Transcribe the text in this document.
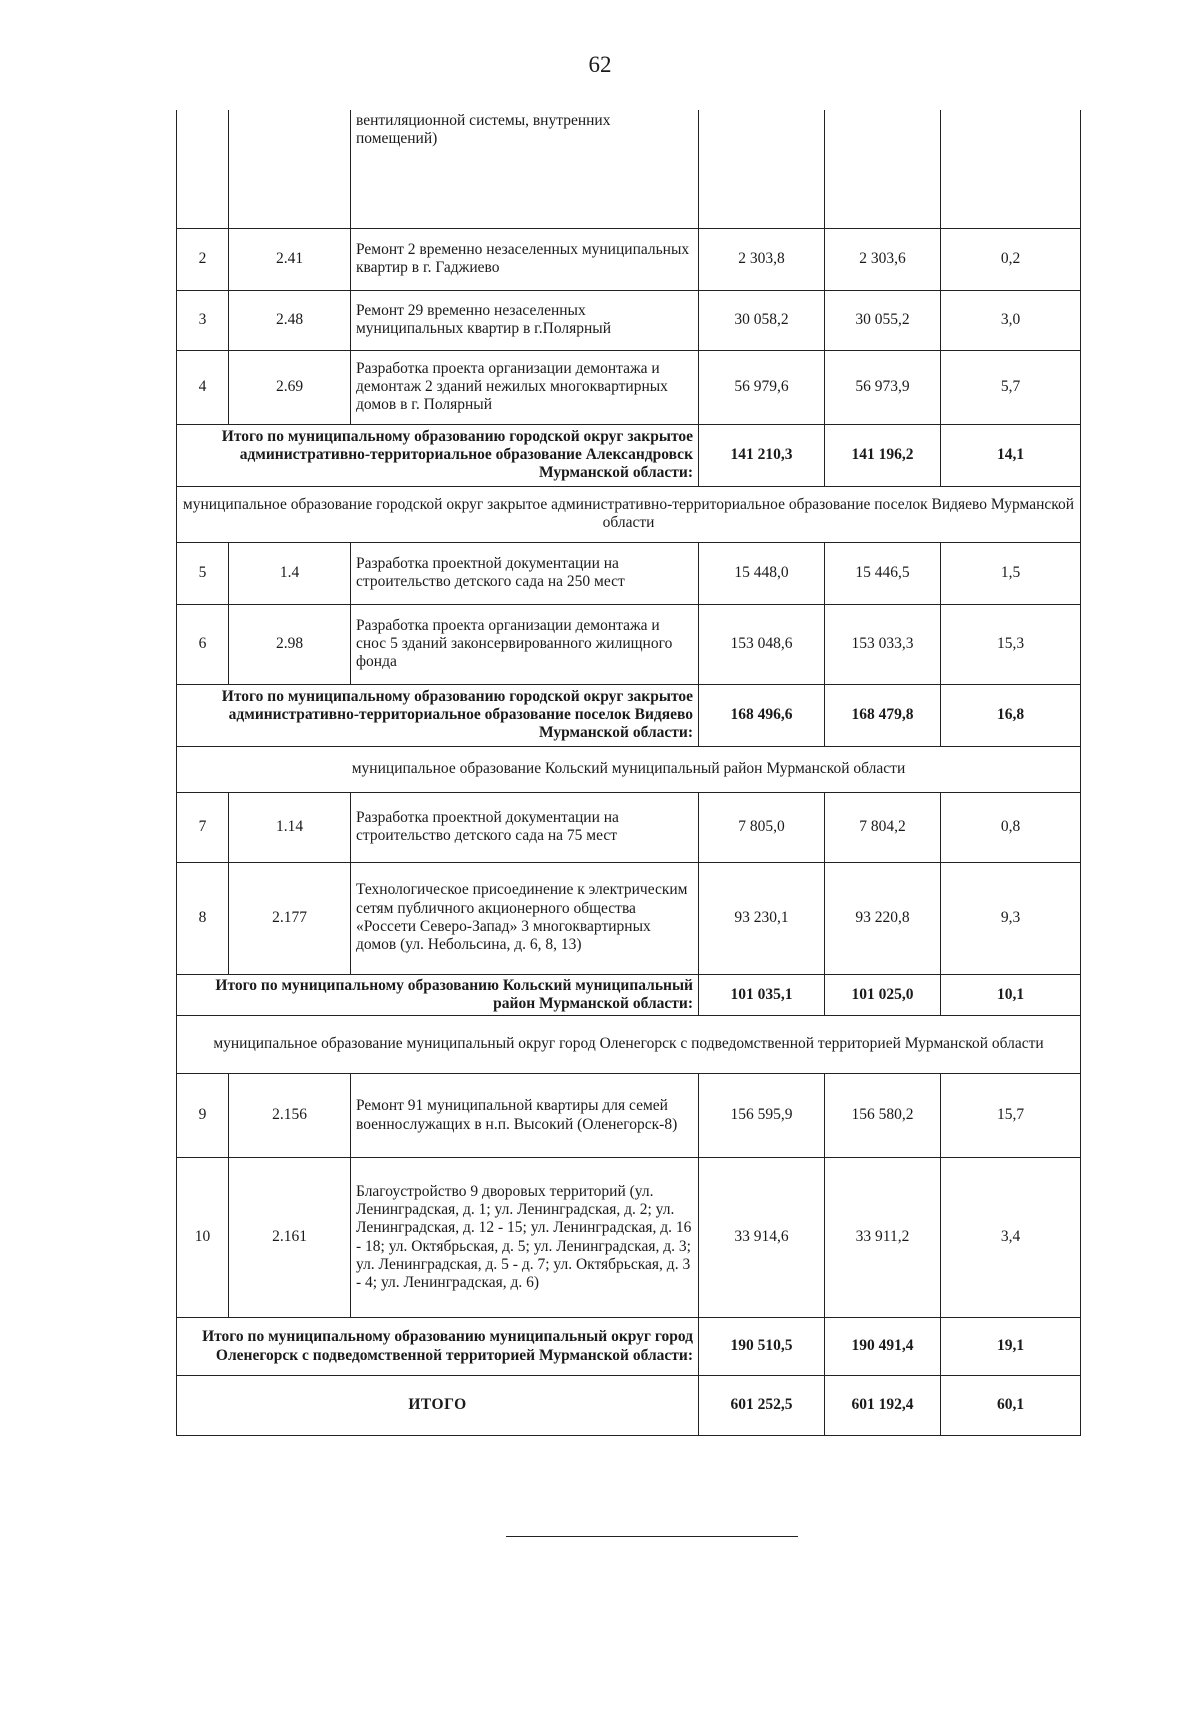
62
		вентиляционной системы, внутренних помещений)			
2	2.41	Ремонт 2 временно незаселенных муниципальных квартир в г. Гаджиево	2 303,8	2 303,6	0,2
3	2.48	Ремонт 29 временно незаселенных муниципальных квартир в г.Полярный	30 058,2	30 055,2	3,0
4	2.69	Разработка проекта организации демонтажа и демонтаж 2 зданий нежилых многоквартирных домов в г. Полярный	56 979,6	56 973,9	5,7
Итого по муниципальному образованию городской округ закрытое административно-территориальное образование Александровск Мурманской области:			141 210,3	141 196,2	14,1
муниципальное образование городской округ закрытое административно-территориальное образование поселок Видяево Мурманской области					
5	1.4	Разработка проектной документации на строительство детского сада на 250 мест	15 448,0	15 446,5	1,5
6	2.98	Разработка проекта организации демонтажа и снос 5 зданий законсервированного жилищного фонда	153 048,6	153 033,3	15,3
Итого по муниципальному образованию городской округ закрытое административно-территориальное образование поселок Видяево Мурманской области:			168 496,6	168 479,8	16,8
муниципальное образование Кольский муниципальный район Мурманской области					
7	1.14	Разработка проектной документации на строительство детского сада на 75 мест	7 805,0	7 804,2	0,8
8	2.177	Технологическое присоединение к электрическим сетям публичного акционерного общества «Россети Северо-Запад» 3 многоквартирных домов (ул. Небольсина, д. 6, 8, 13)	93 230,1	93 220,8	9,3
Итого по муниципальному образованию Кольский муниципальный район Мурманской области:			101 035,1	101 025,0	10,1
муниципальное образование муниципальный округ город Оленегорск с подведомственной территорией Мурманской области					
9	2.156	Ремонт 91 муниципальной квартиры для семей военнослужащих в н.п. Высокий (Оленегорск-8)	156 595,9	156 580,2	15,7
10	2.161	Благоустройство 9 дворовых территорий (ул. Ленинградская, д. 1; ул. Ленинградская, д. 2; ул. Ленинградская, д. 12 - 15; ул. Ленинградская, д. 16 - 18; ул. Октябрьская, д. 5; ул. Ленинградская, д. 3; ул. Ленинградская, д. 5 - д. 7; ул. Октябрьская, д. 3 - 4; ул. Ленинградская, д. 6)	33 914,6	33 911,2	3,4
Итого по муниципальному образованию муниципальный округ город Оленегорск с подведомственной территорией Мурманской области:			190 510,5	190 491,4	19,1
ИТОГО			601 252,5	601 192,4	60,1
